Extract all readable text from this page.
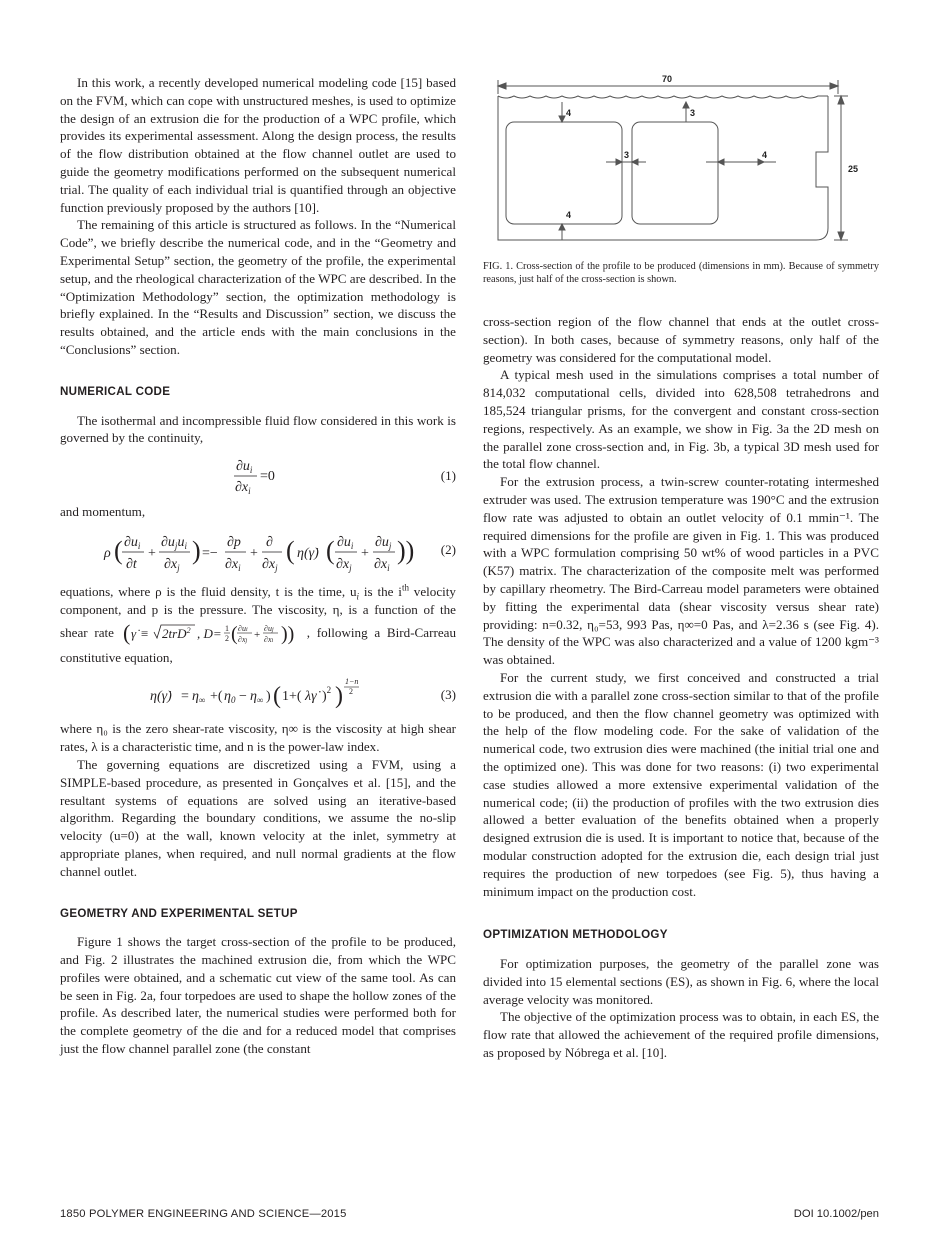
In this work, a recently developed numerical modeling code [15] based on the FVM, which can cope with unstructured meshes, is used to optimize the design of an extrusion die for the production of a WPC profile, which provides its experimental assessment. Along the design process, the results of the flow distribution obtained at the flow channel outlet are used to guide the geometry modifications performed on the subsequent numerical trial. The quality of each individual trial is quantified through an objective function previously proposed by the authors [10].

The remaining of this article is structured as follows. In the “Numerical Code”, we briefly describe the numerical code, and in the “Geometry and Experimental Setup” section, the geometry of the profile, the experimental setup, and the rheological characterization of the WPC are described. In the “Optimization Methodology” section, the optimization methodology is briefly explained. In the “Results and Discussion” section, we discuss the results obtained, and the article ends with the main conclusions in the “Conclusions” section.

NUMERICAL CODE

The isothermal and incompressible fluid flow considered in this work is governed by the continuity,

$\partial u_i$
$\partial x_i$
=0	(1)

and momentum,

ρ ( $\partial u_i$
∂t
+
$\partial u_ju_i$
$\partial x_j$
) =−
∂p
$\partial x_i$
+
∂
$\partial x_j$
( η(γ̇) ( $\partial u_i$
$\partial x_j$
+
$\partial u_j$
$\partial x_i$
)) (2)

equations, where ρ is the fluid density, t is the time, $u_i$ is the $i^{th}$ velocity component, and p is the pressure. The viscosity, η, is a function of the shear rate ( γ̇ ≡ 2trD$^2$ , D= 1
2 ( ∂ui
∂xj +
∂uj
∂xi )) , following a Bird-Carreau constitutive equation,

η(γ̇) = $\eta_\infty$ +( $\eta_0 - \eta_\infty$ ) ( 1+( λγ̇ )$^2$ )
1−n
2	(3)

where η₀ is the zero shear-rate viscosity, η∞ is the viscosity at high shear rates, λ is a characteristic time, and n is the power-law index.

The governing equations are discretized using a FVM, using a SIMPLE-based procedure, as presented in Gonçalves et al. [15], and the resultant systems of equations are solved using an iterative-based algorithm. Regarding the boundary conditions, we assume the no-slip velocity (u=0) at the wall, known velocity at the inlet, symmetry at appropriate planes, when required, and null normal gradients at the flow channel outlet.

GEOMETRY AND EXPERIMENTAL SETUP

Figure 1 shows the target cross-section of the profile to be produced, and Fig. 2 illustrates the machined extrusion die, from which the WPC profiles were obtained, and a schematic cut view of the same tool. As can be seen in Fig. 2a, four torpedoes are used to shape the hollow zones of the profile. As described later, the numerical studies were performed both for the complete geometry of the die and for a reduced model that comprises just the flow channel parallel zone (the constant

70
25
4	3
3	4
4
FIG. 1. Cross-section of the profile to be produced (dimensions in mm). Because of symmetry reasons, just half of the cross-section is shown.

cross-section region of the flow channel that ends at the outlet cross-section). In both cases, because of symmetry reasons, only half of the geometry was considered for the computational model.

A typical mesh used in the simulations comprises a total number of 814,032 computational cells, divided into 628,508 tetrahedrons and 185,524 triangular prisms, for the convergent and constant cross-section regions, respectively. As an example, we show in Fig. 3a the 2D mesh on the parallel zone cross-section and, in Fig. 3b, a typical 3D mesh used for the total flow channel.

For the extrusion process, a twin-screw counter-rotating intermeshed extruder was used. The extrusion temperature was 190°C and the extrusion flow rate was adjusted to obtain an outlet velocity of 0.1 mmin⁻¹. The required dimensions for the profile are given in Fig. 1. This was produced with a WPC formulation comprising 50 wt% of wood particles in a PVC (K57) matrix. The characterization of the composite melt was performed by capillary rheometry. The Bird-Carreau model parameters were obtained by fitting the experimental data (shear viscosity versus shear rate) providing: n=0.32, η₀=53, 993 Pas, η∞=0 Pas, and λ=2.36 s (see Fig. 4). The density of the WPC was also characterized and a value of 1200 kgm⁻³ was obtained.

For the current study, we first conceived and constructed a trial extrusion die with a parallel zone cross-section similar to that of the profile to be produced, and then the flow channel geometry was optimized with the help of the flow modeling code. For the sake of validation of the numerical code, two extrusion dies were machined (the initial trial one and the optimized one). This was done for two reasons: (i) two experimental case studies allowed a more extensive experimental validation of the numerical code; (ii) the production of profiles with the two extrusion dies allowed a better evaluation of the benefits obtained when a properly designed extrusion die is used. It is important to notice that, because of the modular construction adopted for the extrusion die, each design trial just requires the production of new torpedoes (see Fig. 5), thus having a minimum impact on the production cost.

OPTIMIZATION METHODOLOGY

For optimization purposes, the geometry of the parallel zone was divided into 15 elemental sections (ES), as shown in Fig. 6, where the local average velocity was monitored.

The objective of the optimization process was to obtain, in each ES, the flow rate that allowed the achievement of the required profile dimensions, as proposed by Nóbrega et al. [10].

1850 POLYMER ENGINEERING AND SCIENCE—2015	DOI 10.1002/pen
